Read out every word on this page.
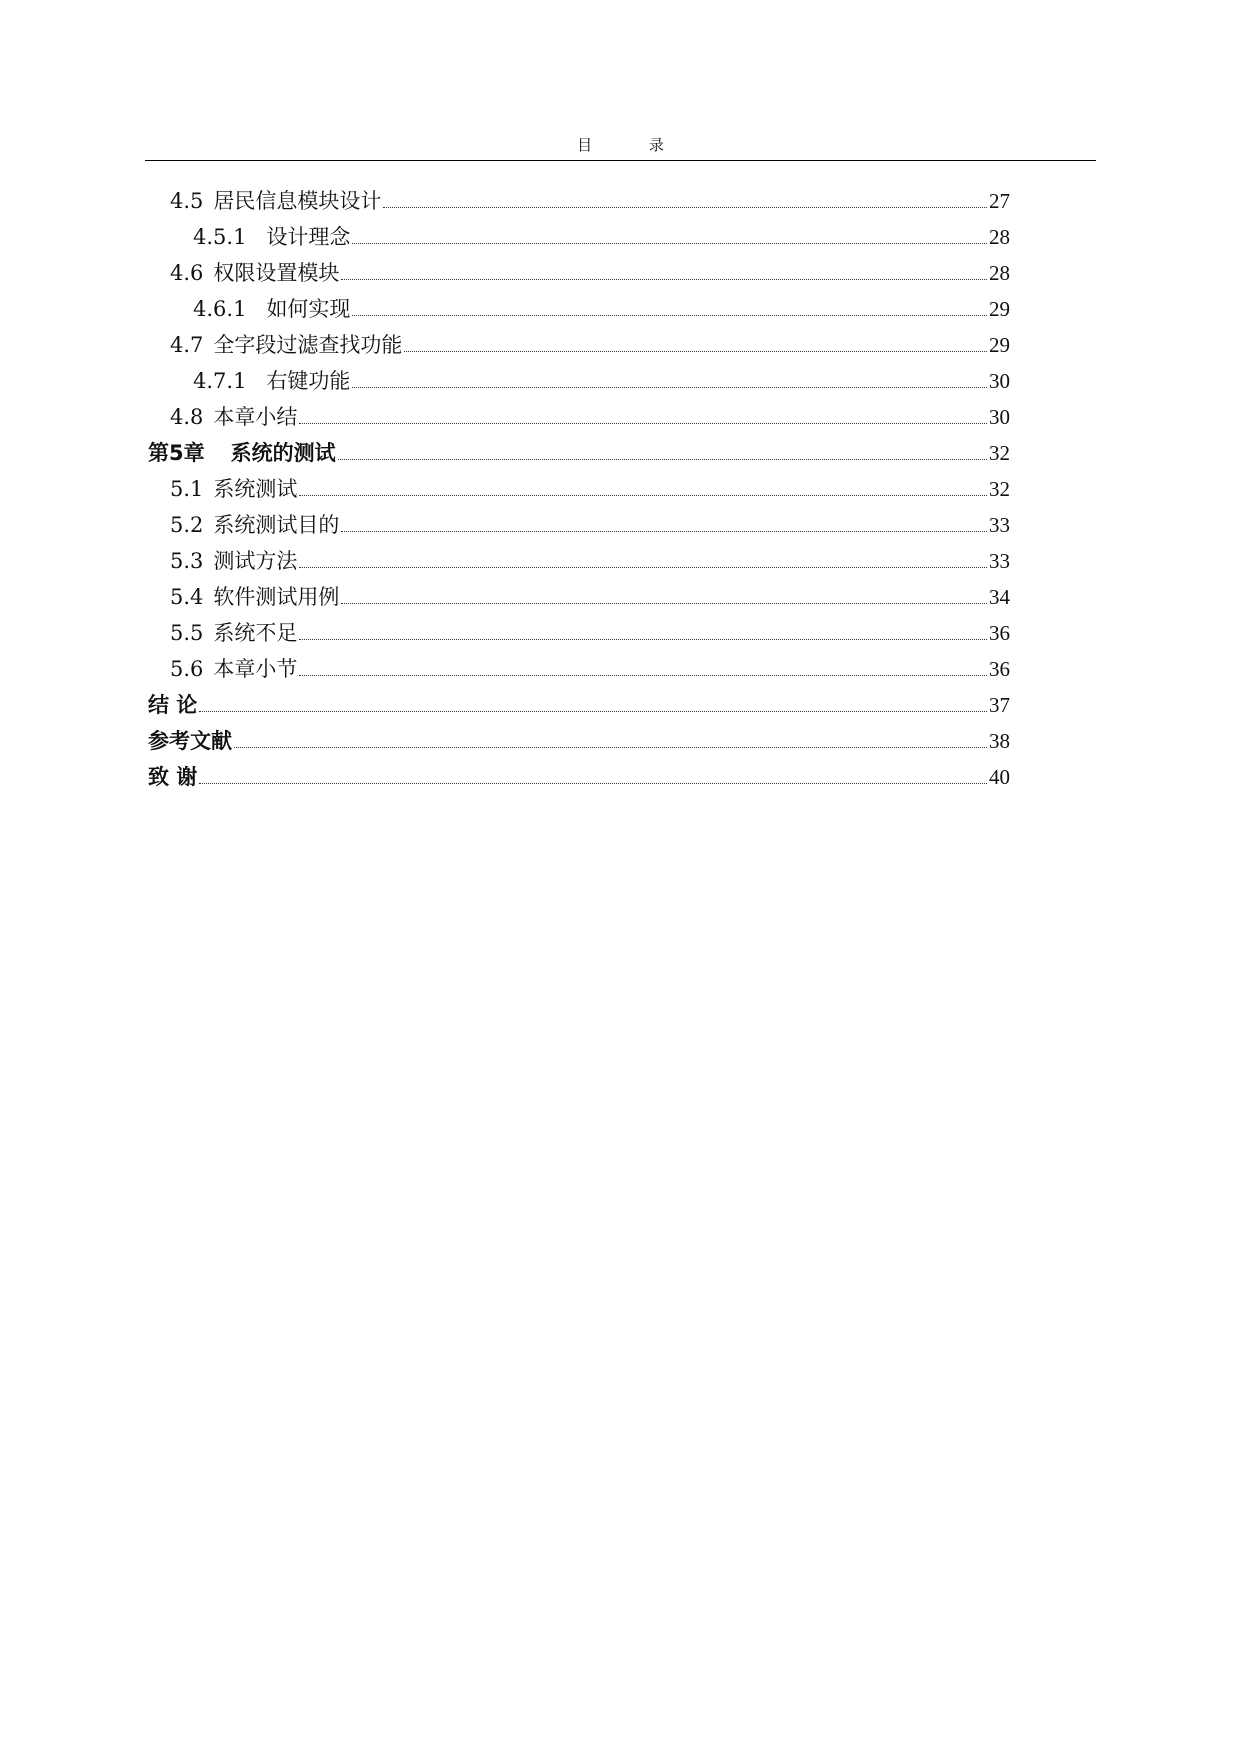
目 录
4.5 居民信息模块设计	27
4.5.1 设计理念	28
4.6 权限设置模块	28
4.6.1 如何实现	29
4.7 全字段过滤查找功能	29
4.7.1 右键功能	30
4.8 本章小结	30
第5章 系统的测试	32
5.1 系统测试	32
5.2 系统测试目的	33
5.3 测试方法	33
5.4 软件测试用例	34
5.5 系统不足	36
5.6 本章小节	36
结 论	37
参考文献	38
致 谢	40
